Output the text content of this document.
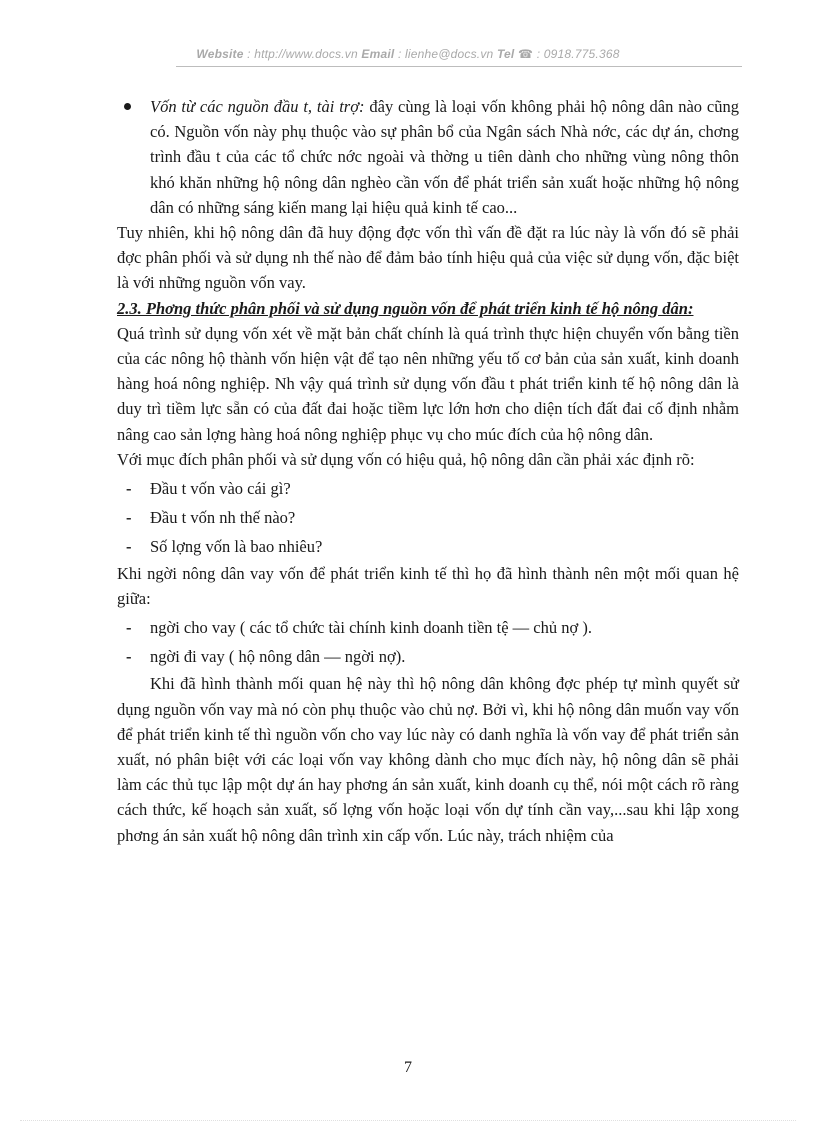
Website : http://www.docs.vn Email : lienhe@docs.vn Tel ☎ : 0918.775.368

Vốn từ các nguồn đầu t, tài trợ: đây cùng là loại vốn không phải hộ nông dân nào cũng có. Nguồn vốn này phụ thuộc vào sự phân bổ của Ngân sách Nhà nớc, các dự án, chơng trình đầu t của các tổ chức nớc ngoài và thờng u tiên dành cho những vùng nông thôn khó khăn những hộ nông dân nghèo cần vốn để phát triển sản xuất hoặc những hộ nông dân có những sáng kiến mang lại hiệu quả kinh tế cao...

Tuy nhiên, khi hộ nông dân đã huy động đợc vốn thì vấn đề đặt ra lúc này là vốn đó sẽ phải đợc phân phối và sử dụng nh thế nào để đảm bảo tính hiệu quả của việc sử dụng vốn, đặc biệt là với những nguồn vốn vay.

2.3. Phơng thức phân phối và sử dụng nguồn vốn để phát triển kinh tế hộ nông dân:

Quá trình sử dụng vốn xét về mặt bản chất chính là quá trình thực hiện chuyển vốn bằng tiền của các nông hộ thành vốn hiện vật để tạo nên những yếu tố cơ bản của sản xuất, kinh doanh hàng hoá nông nghiệp. Nh vậy quá trình sử dụng vốn đầu t phát triển kinh tế hộ nông dân là duy trì tiềm lực sẵn có của đất đai hoặc tiềm lực lớn hơn cho diện tích đất đai cố định nhằm nâng cao sản lợng hàng hoá nông nghiệp phục vụ cho múc đích của hộ nông dân.

Với mục đích phân phối và sử dụng vốn có hiệu quả, hộ nông dân cần phải xác định rõ:

- Đầu t vốn vào cái gì?
- Đầu t vốn nh thế nào?
- Số lợng vốn là bao nhiêu?

Khi ngời nông dân vay vốn để phát triển kinh tế thì họ đã hình thành nên một mối quan hệ giữa:

- ngời cho vay ( các tổ chức tài chính kinh doanh tiền tệ — chủ nợ ).
- ngời đi vay ( hộ nông dân — ngời nợ).

Khi đã hình thành mối quan hệ này thì hộ nông dân không đợc phép tự mình quyết sử dụng nguồn vốn vay mà nó còn phụ thuộc vào chủ nợ. Bởi vì, khi hộ nông dân muốn vay vốn để phát triển kinh tế thì nguồn vốn cho vay lúc này có danh nghĩa là vốn vay để phát triển sản xuất, nó phân biệt với các loại vốn vay không dành cho mục đích này, hộ nông dân sẽ phải làm các thủ tục lập một dự án hay phơng án sản xuất, kinh doanh cụ thể, nói một cách rõ ràng cách thức, kế hoạch sản xuất, số lợng vốn hoặc loại vốn dự tính cần vay,...sau khi lập xong phơng án sản xuất hộ nông dân trình xin cấp vốn. Lúc này, trách nhiệm của

7
